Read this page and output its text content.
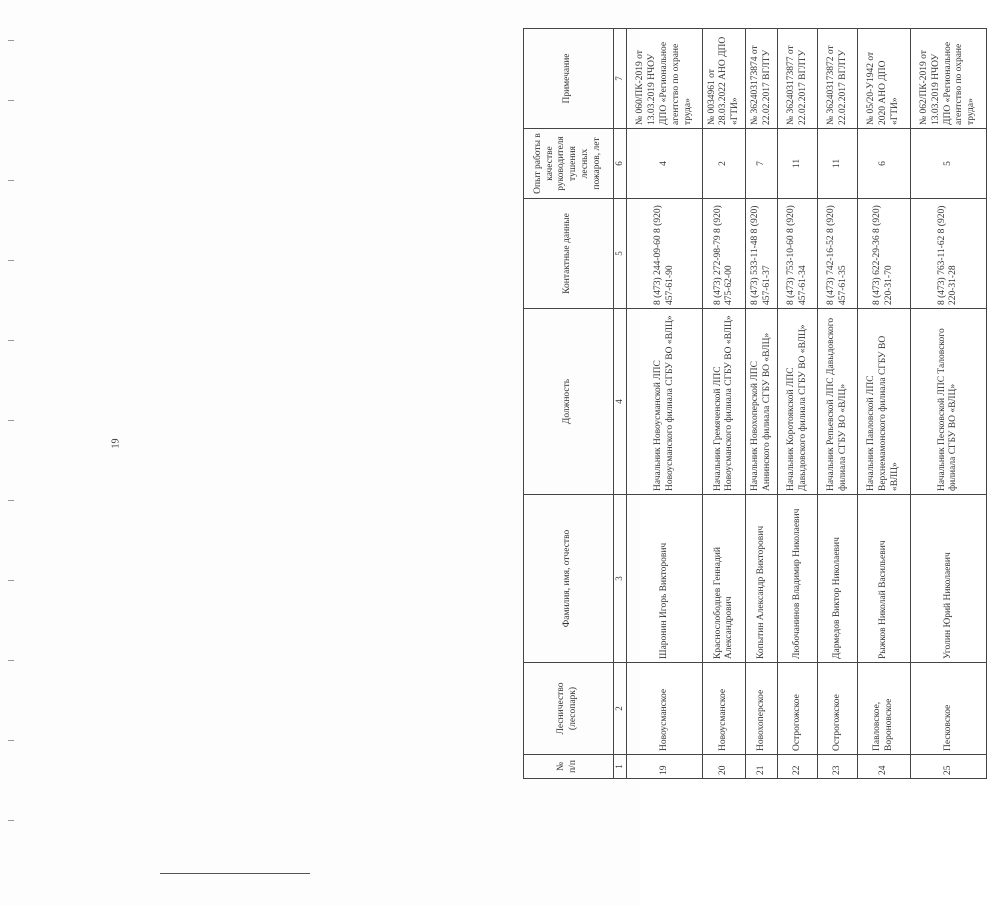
19
№ п/п	Лесничество (лесопарк)	Фамилия, имя, отчество	Должность	Контактные данные	Опыт работы в качестве руководителя тушения лесных пожаров, лет	Примечание
1	2	3	4	5	6	7
19	Новоусманское	Шаронин Игорь Викторович	Начальник Новоусманской ЛПС Новоусманского филиала СГБУ ВО «ВЛЦ»	8 (473) 244-09-60 8 (920) 457-61-90	4	№ 060/ПК-2019 от 13.03.2019 НЧОУ ДПО «Региональное агентство по охране труда»
20	Новоусманское	Краснослободцев Геннадий Александрович	Начальник Гремяченской ЛПС Новоусманского филиала СГБУ ВО «ВЛЦ»	8 (473) 272-98-79 8 (920) 475-62-00	2	№ 0034961 от 28.03.2022 АНО ДПО «ГТИ»
21	Новохоперское	Копытин Александр Викторович	Начальник Новохоперской ЛПС Аннинского филиала СГБУ ВО «ВЛЦ»	8 (473) 533-11-48 8 (920) 457-61-37	7	№ 362403173874 от 22.02.2017 ВГЛТУ
22	Острогожское	Любочанинов Владимир Николаевич	Начальник Коротоякской ЛПС Давыдовского филиала СГБУ ВО «ВЛЦ»	8 (473) 753-10-60 8 (920) 457-61-34	11	№ 362403173877 от 22.02.2017 ВГЛТУ
23	Острогожское	Дармедов Виктор Николаевич	Начальник Репьевской ЛПС Давыдовского филиала СГБУ ВО «ВЛЦ»	8 (473) 742-16-52 8 (920) 457-61-35	11	№ 362403173872 от 22.02.2017 ВГЛТУ
24	Павловское, Вороновское	Рыжков Николай Васильевич	Начальник Павловской ЛПС Верхнемамонского филиала СГБУ ВО «ВЛЦ»	8 (473) 622-29-36 8 (920) 220-31-70	6	№ 05/20-У1942 от 2020 АНО ДПО «ГТИ»
25	Песковское	Уголин Юрий Николаевич	Начальник Песковской ЛПС Таловского филиала СГБУ ВО «ВЛЦ»	8 (473) 763-11-62 8 (920) 220-31-28	5	№ 062/ПК-2019 от 13.03.2019 НЧОУ ДПО «Региональное агентство по охране труда»
